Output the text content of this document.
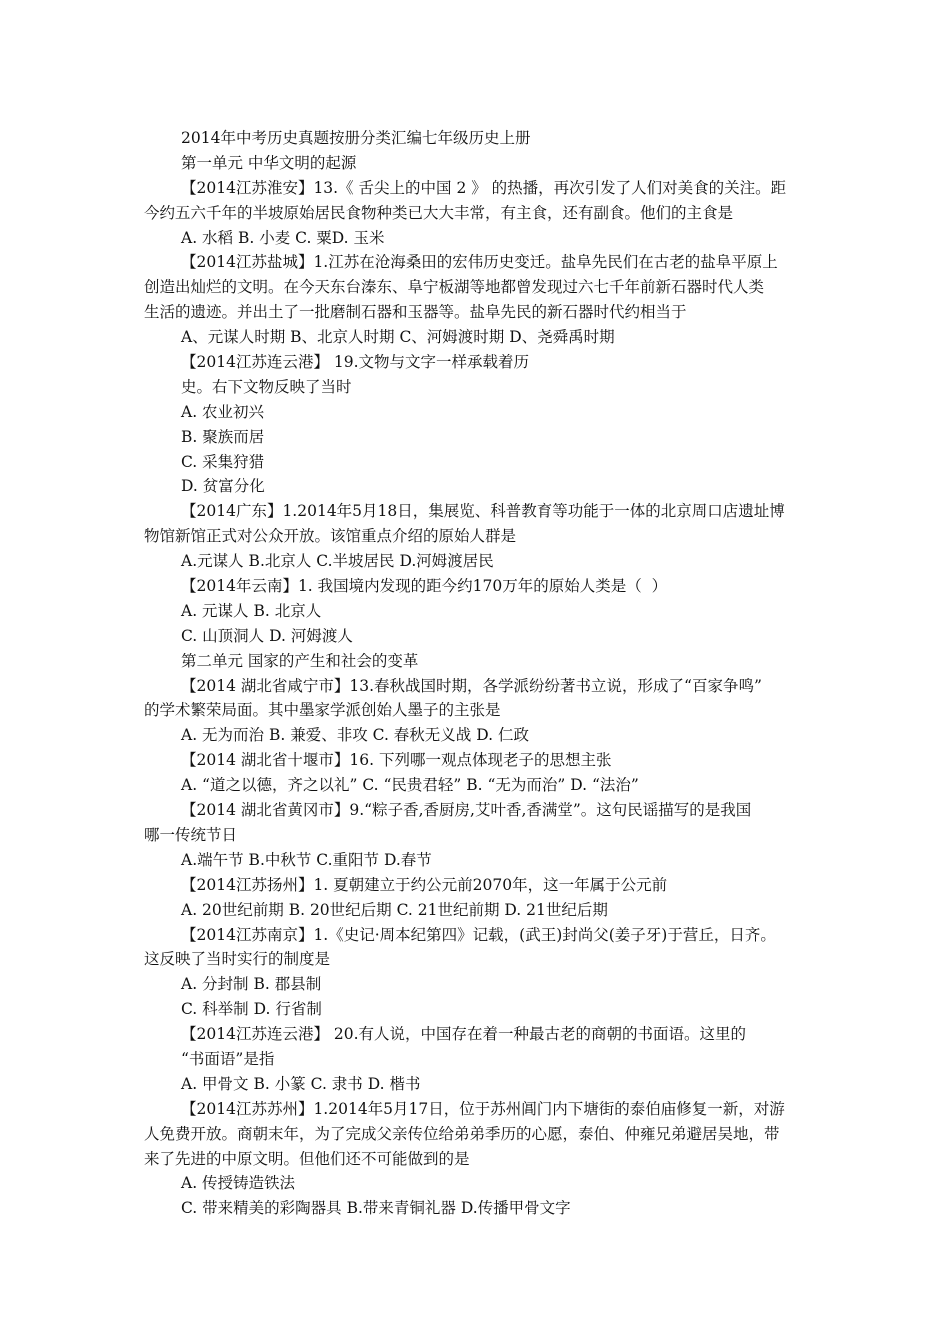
2014年中考历史真题按册分类汇编七年级历史上册
第一单元 中华文明的起源
【2014江苏淮安】13.《 舌尖上的中国 2 》 的热播，再次引发了人们对美食的关注。距
今约五六千年的半坡原始居民食物种类已大大丰常，有主食，还有副食。他们的主食是
A. 水稻 B. 小麦 C. 粟D. 玉米
【2014江苏盐城】1.江苏在沧海桑田的宏伟历史变迁。盐阜先民们在古老的盐阜平原上
创造出灿烂的文明。在今天东台溱东、阜宁板湖等地都曾发现过六七千年前新石器时代人类
生活的遗迹。并出土了一批磨制石器和玉器等。盐阜先民的新石器时代约相当于
A、元谋人时期 B、北京人时期 C、河姆渡时期 D、尧舜禹时期
【2014江苏连云港】 19.文物与文字一样承载着历
史。右下文物反映了当时
A. 农业初兴
B. 聚族而居
C. 采集狩猎
D. 贫富分化
【2014广东】1.2014年5月18日，集展览、科普教育等功能于一体的北京周口店遗址博
物馆新馆正式对公众开放。该馆重点介绍的原始人群是
A.元谋人 B.北京人 C.半坡居民 D.河姆渡居民
【2014年云南】1. 我国境内发现的距今约170万年的原始人类是（  ）
A. 元谋人 B. 北京人
C. 山顶洞人 D. 河姆渡人
第二单元 国家的产生和社会的变革
【2014 湖北省咸宁市】13.春秋战国时期，各学派纷纷著书立说，形成了“百家争鸣”
的学术繁荣局面。其中墨家学派创始人墨子的主张是
A. 无为而治 B. 兼爱、非攻 C. 春秋无义战 D. 仁政
【2014 湖北省十堰市】16. 下列哪一观点体现老子的思想主张
A. “道之以德，齐之以礼” C. “民贵君轻” B. “无为而治” D. “法治”
【2014 湖北省黄冈市】9.“粽子香,香厨房,艾叶香,香满堂”。这句民谣描写的是我国
哪一传统节日
A.端午节 B.中秋节 C.重阳节 D.春节
【2014江苏扬州】1. 夏朝建立于约公元前2070年，这一年属于公元前
A. 20世纪前期 B. 20世纪后期 C. 21世纪前期 D. 21世纪后期
【2014江苏南京】1.《史记·周本纪第四》记载，(武王)封尚父(姜子牙)于营丘，日齐。
这反映了当时实行的制度是
A. 分封制 B. 郡县制
C. 科举制 D. 行省制
【2014江苏连云港】 20.有人说，中国存在着一种最古老的商朝的书面语。这里的
“书面语”是指
A. 甲骨文 B. 小篆 C. 隶书 D. 楷书
【2014江苏苏州】1.2014年5月17日，位于苏州阊门内下塘街的泰伯庙修复一新，对游
人免费开放。商朝末年，为了完成父亲传位给弟弟季历的心愿，泰伯、仲雍兄弟避居吴地，带
来了先进的中原文明。但他们还不可能做到的是
A. 传授铸造铁法
C. 带来精美的彩陶器具 B.带来青铜礼器 D.传播甲骨文字
